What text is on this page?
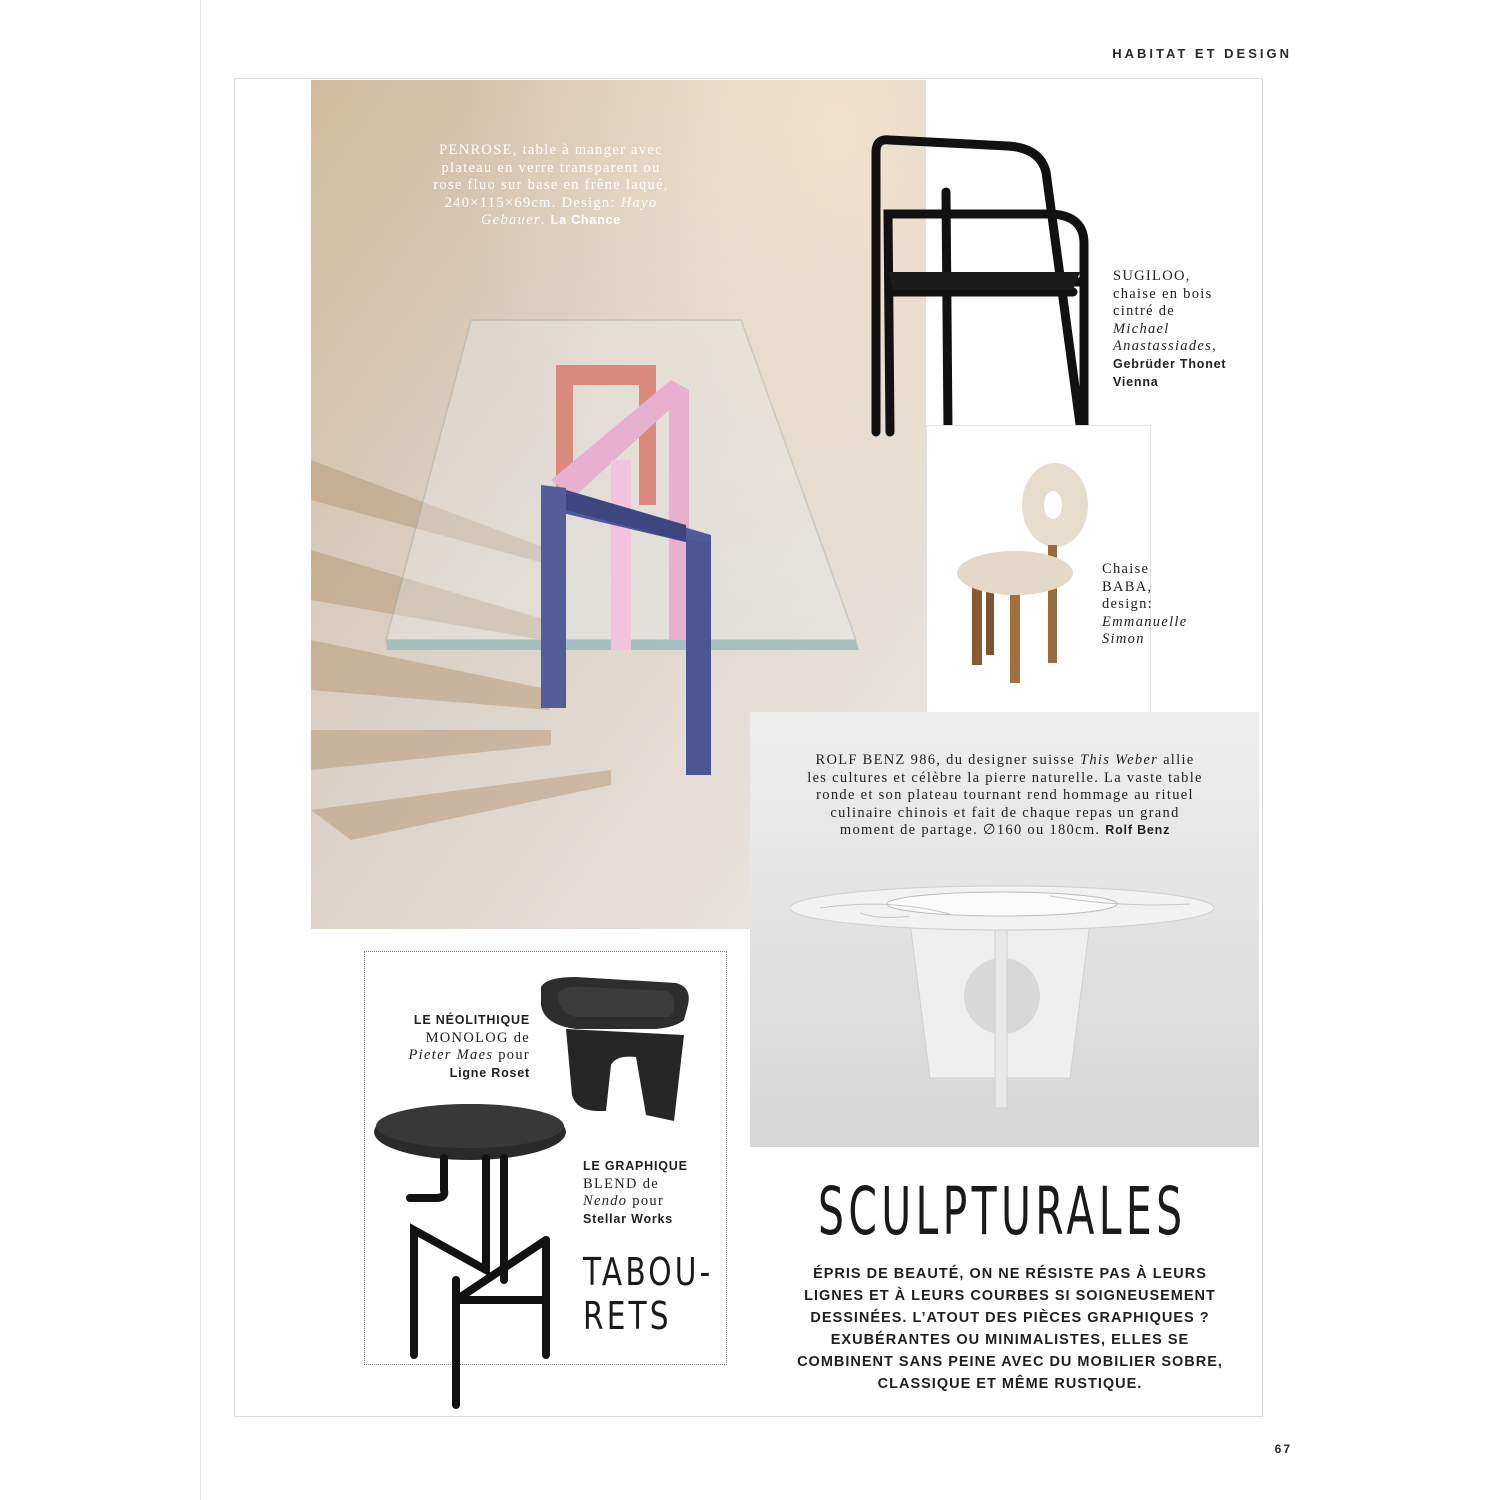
HABITAT ET DESIGN
PENROSE, table à manger avec plateau en verre transparent ou rose fluo sur base en frêne laqué, 240×115×69cm. Design: Hayo Gebauer. La Chance
SUGILOO,
chaise en bois cintré de
Michael Anastassiades,
Gebrüder Thonet Vienna
Chaise BABA, design:
Emmanuelle Simon
ROLF BENZ 986, du designer suisse This Weber allie les cultures et célèbre la pierre naturelle. La vaste table ronde et son plateau tournant rend hommage au rituel culinaire chinois et fait de chaque repas un grand moment de partage. ∅160 ou 180cm. Rolf Benz
LE NÉOLITHIQUE
MONOLOG de
Pieter Maes pour
Ligne Roset
LE GRAPHIQUE
BLEND de
Nendo pour
Stellar Works
TABOU-
RETS
SCULPTURALES
ÉPRIS DE BEAUTÉ, ON NE RÉSISTE PAS À LEURS LIGNES ET À LEURS COURBES SI SOIGNEUSEMENT DESSINÉES. L’ATOUT DES PIÈCES GRAPHIQUES ? EXUBÉRANTES OU MINIMALISTES, ELLES SE COMBINENT SANS PEINE AVEC DU MOBILIER SOBRE, CLASSIQUE ET MÊME RUSTIQUE.
67
